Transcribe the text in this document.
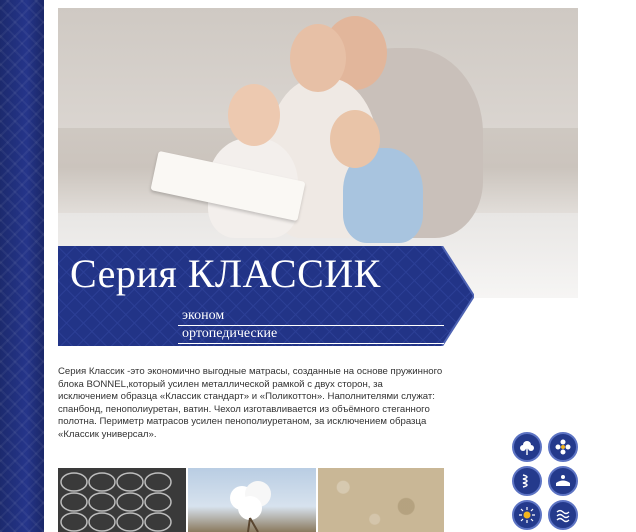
Серия КЛАССИК
эконом
ортопедические
Серия Классик -это экономично выгодные матрасы, созданные на основе пружинного блока BONNEL,который усилен металлической рамкой с двух сторон, за исключением образца «Классик стандарт» и «Поликоттон». Наполнителями служат: спанбонд, пенополиуретан, ватин. Чехол изготавливается из объёмного стеганного полотна. Периметр матрасов усилен пенополиуретаном, за исключением образца «Классик универсал».
